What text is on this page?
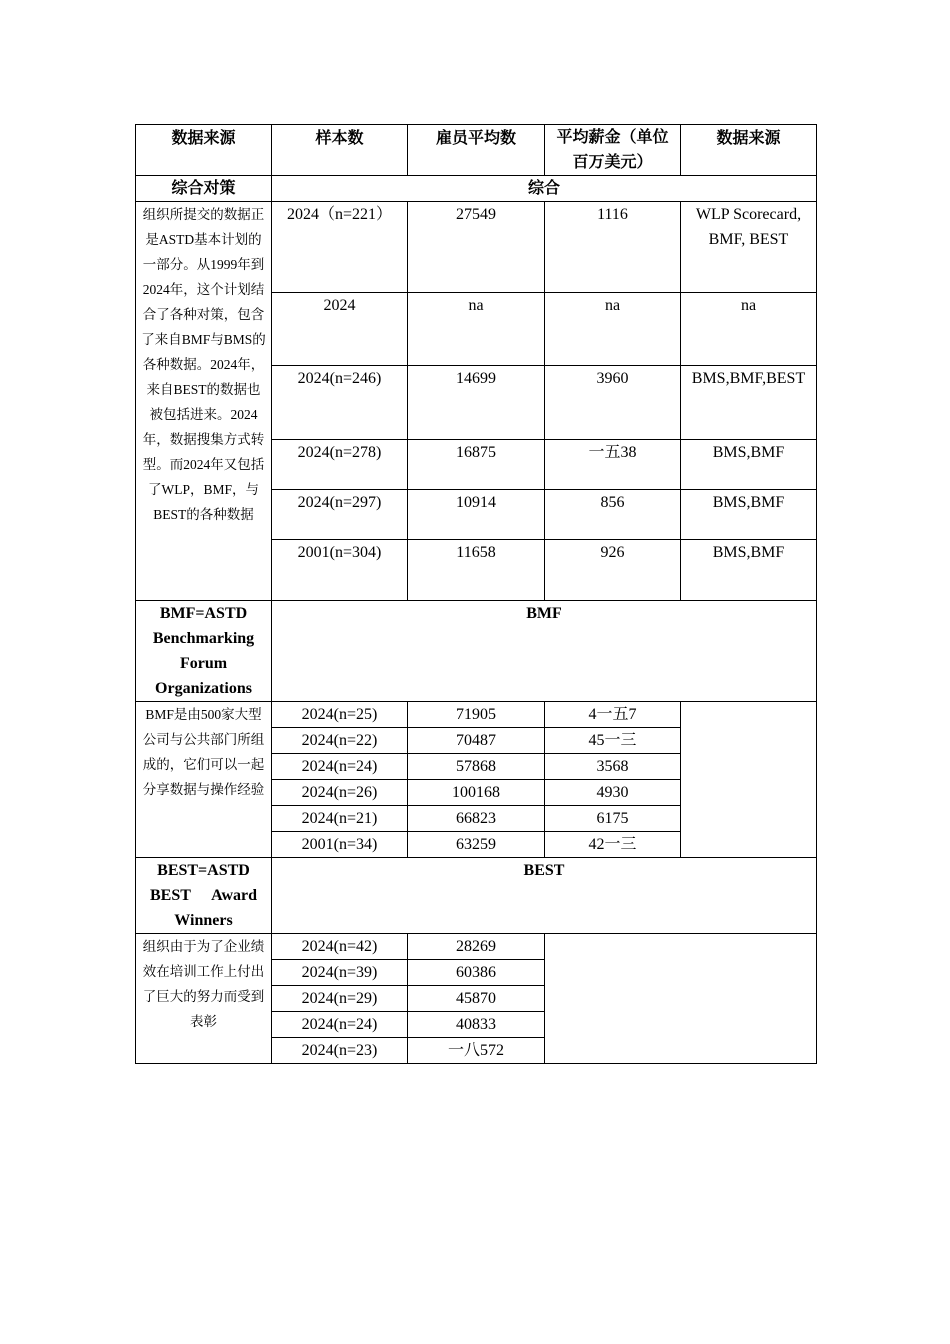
数据来源	样本数	雇员平均数	平均薪金（单位
百万美元）	数据来源
综合对策	综合			
组织所提交的数据正是ASTD基本计划的一部分。从1999年到2024年，这个计划结合了各种对策，包含了来自BMF与BMS的各种数据。2024年，来自BEST的数据也被包括进来。2024年，数据搜集方式转型。而2024年又包括了WLP，BMF，与BEST的各种数据	2024（n=221）	27549	1116	WLP Scorecard, BMF, BEST
	2024	na	na	na
	2024(n=246)	14699	3960	BMS,BMF,BEST
	2024(n=278)	16875	一五38	BMS,BMF
	2024(n=297)	10914	856	BMS,BMF
	2001(n=304)	11658	926	BMS,BMF

BMF=ASTD
Benchmarking
Forum
Organizations	BMF			
BMF是由500家大型公司与公共部门所组成的，它们可以一起分享数据与操作经验	2024(n=25)	71905	4一五7	
	2024(n=22)	70487	45一三	
	2024(n=24)	57868	3568	
	2024(n=26)	100168	4930	
	2024(n=21)	66823	6175	
	2001(n=34)	63259	42一三	

BEST=ASTD
BEST Award
Winners	BEST			
组织由于为了企业绩效在培训工作上付出了巨大的努力而受到表彰	2024(n=42)	28269		
	2024(n=39)	60386		
	2024(n=29)	45870		
	2024(n=24)	40833		
	2024(n=23)	一八572		
